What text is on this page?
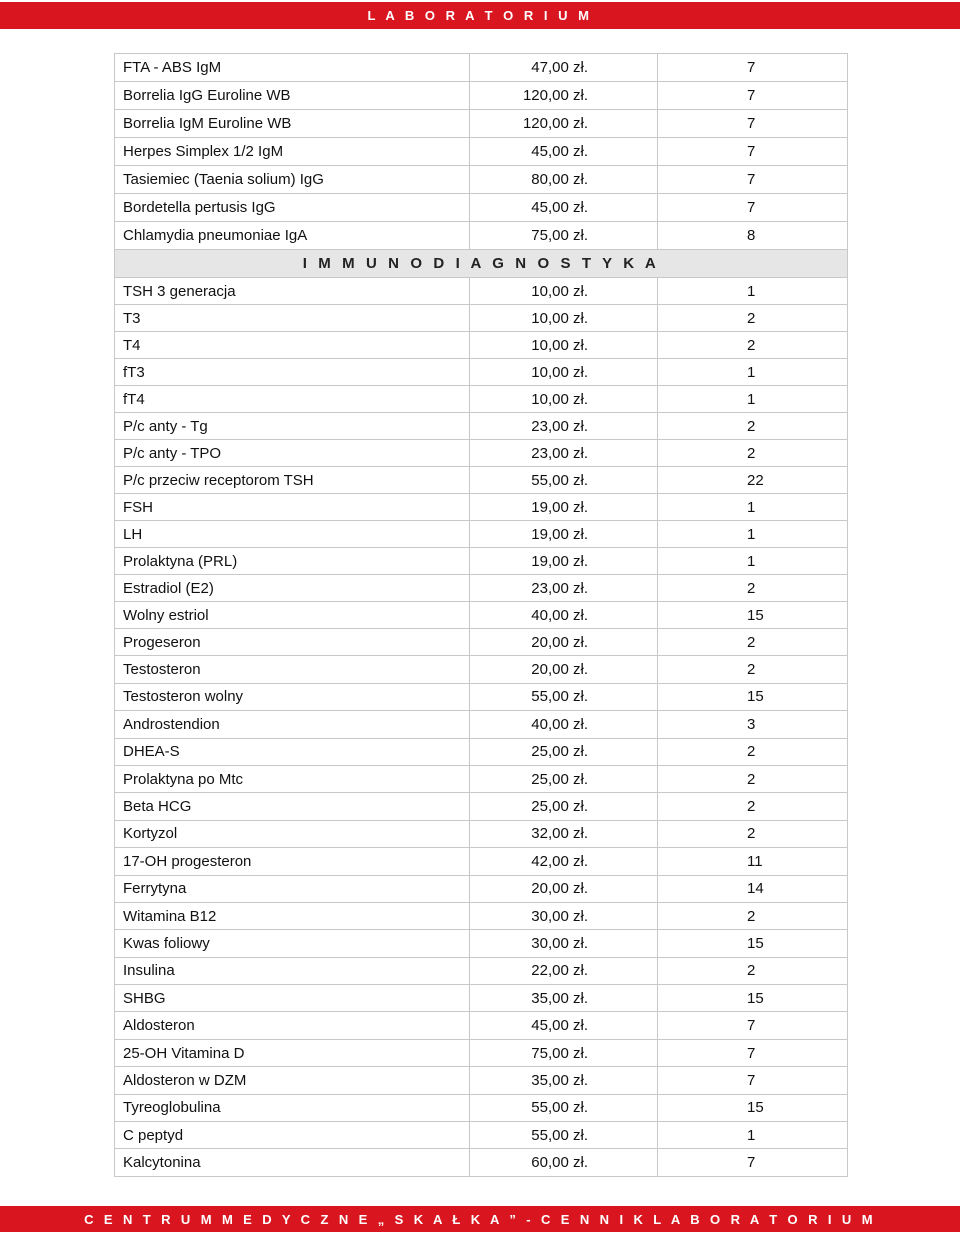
L A B O R A T O R I U M
FTA - ABS IgM	47,00 zł.	7
Borrelia IgG Euroline WB	120,00 zł.	7
Borrelia IgM Euroline WB	120,00 zł.	7
Herpes Simplex 1/2 IgM	45,00 zł.	7
Tasiemiec (Taenia solium) IgG	80,00 zł.	7
Bordetella pertusis IgG	45,00 zł.	7
Chlamydia pneumoniae IgA	75,00 zł.	8
I M M U N O D I A G N O S T Y K A		
TSH 3 generacja	10,00 zł.	1
T3	10,00 zł.	2
T4	10,00 zł.	2
fT3	10,00 zł.	1
fT4	10,00 zł.	1
P/c anty - Tg	23,00 zł.	2
P/c anty - TPO	23,00 zł.	2
P/c przeciw receptorom TSH	55,00 zł.	22
FSH	19,00 zł.	1
LH	19,00 zł.	1
Prolaktyna (PRL)	19,00 zł.	1
Estradiol (E2)	23,00 zł.	2
Wolny estriol	40,00 zł.	15
Progeseron	20,00 zł.	2
Testosteron	20,00 zł.	2
Testosteron wolny	55,00 zł.	15
Androstendion	40,00 zł.	3
DHEA-S	25,00 zł.	2
Prolaktyna po Mtc	25,00 zł.	2
Beta HCG	25,00 zł.	2
Kortyzol	32,00 zł.	2
17-OH progesteron	42,00 zł.	11
Ferrytyna	20,00 zł.	14
Witamina B12	30,00 zł.	2
Kwas foliowy	30,00 zł.	15
Insulina	22,00 zł.	2
SHBG	35,00 zł.	15
Aldosteron	45,00 zł.	7
25-OH Vitamina D	75,00 zł.	7
Aldosteron w DZM	35,00 zł.	7
Tyreoglobulina	55,00 zł.	15
C peptyd	55,00 zł.	1
Kalcytonina	60,00 zł.	7
C E N T R U M M E D Y C Z N E „ S K A Ł K A ” - C E N N I K L A B O R A T O R I U M
